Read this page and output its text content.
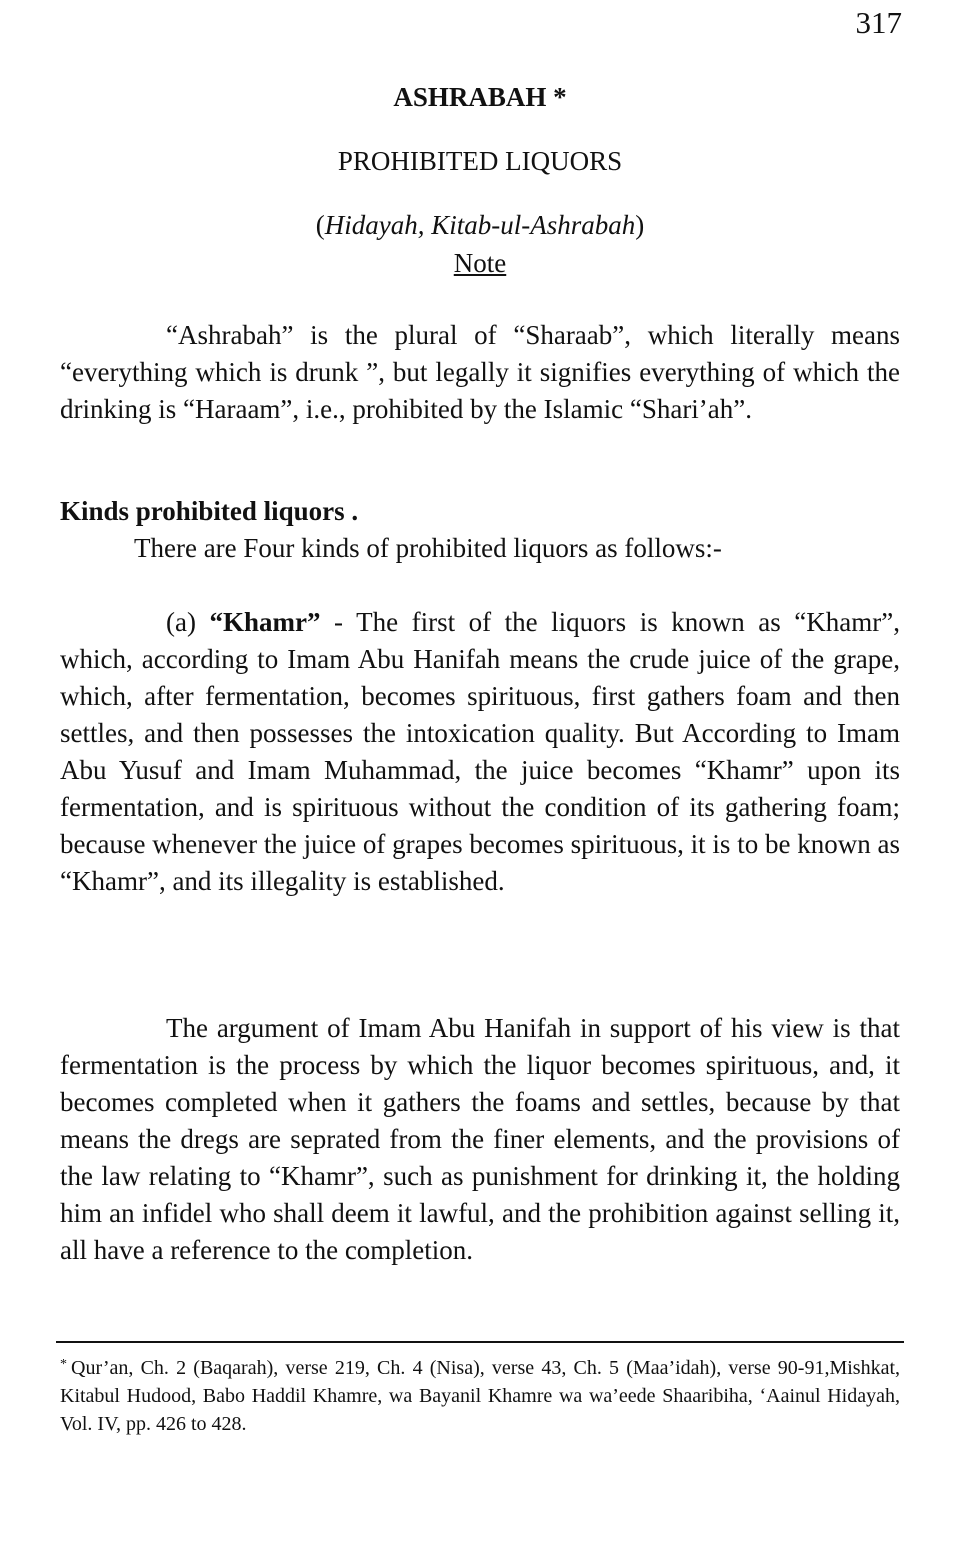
317
ASHRABAH *
PROHIBITED LIQUORS
(Hidayah, Kitab-ul-Ashrabah)
Note

“Ashrabah” is the plural of “Sharaab”, which literally means “everything which is drunk ”, but legally it signifies everything of which the drinking is “Haraam”, i.e., prohibited by the Islamic “Shari’ah”.

Kinds prohibited liquors .
There are Four kinds of prohibited liquors as follows:-

(a) “Khamr” - The first of the liquors is known as “Khamr”, which, according to Imam Abu Hanifah means the crude juice of the grape, which, after fermentation, becomes spirituous, first gathers foam and then settles, and then possesses the intoxication quality. But According to Imam Abu Yusuf and Imam Muhammad, the juice becomes “Khamr” upon its fermentation, and is spirituous without the condition of its gathering foam; because whenever the juice of grapes becomes spirituous, it is to be known as “Khamr”, and its illegality is established.

The argument of Imam Abu Hanifah in support of his view is that fermentation is the process by which the liquor becomes spirituous, and, it becomes completed when it gathers the foams and settles, because by that means the dregs are seprated from the finer elements, and the provisions of the law relating to “Khamr”, such as punishment for drinking it, the holding him an infidel who shall deem it lawful, and the prohibition against selling it, all have a reference to the completion.

* Qur’an, Ch. 2 (Baqarah), verse 219, Ch. 4 (Nisa), verse 43, Ch. 5 (Maa’idah), verse 90-91,Mishkat, Kitabul Hudood, Babo Haddil Khamre, wa Bayanil Khamre wa wa’eede Shaaribiha, ‘Aainul Hidayah, Vol. IV, pp. 426 to 428.
